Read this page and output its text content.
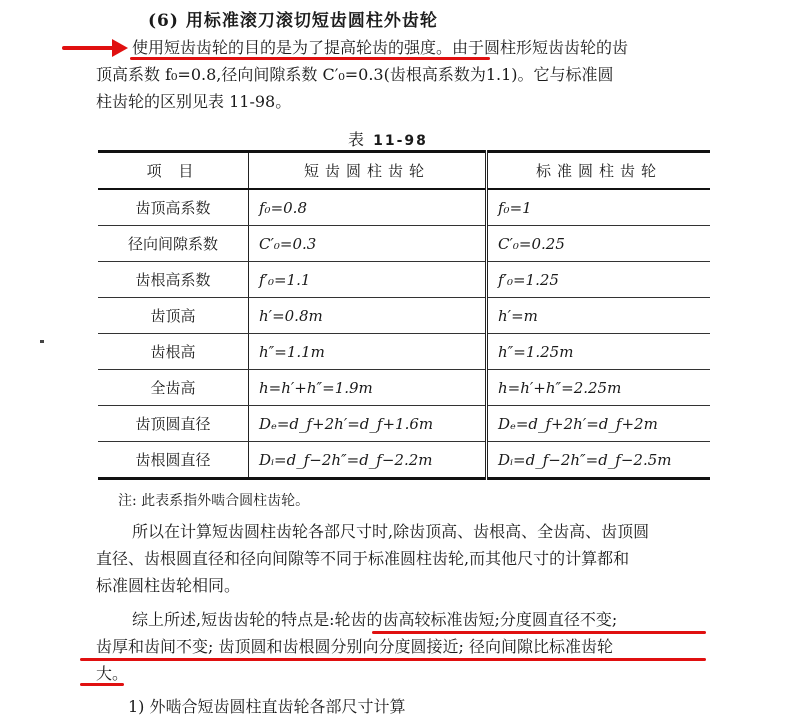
(6) 用标准滚刀滚切短齿圆柱外齿轮
使用短齿齿轮的目的是为了提高轮齿的强度。由于圆柱形短齿齿轮的齿
顶高系数 f₀=0.8,径向间隙系数 C′₀=0.3(齿根高系数为1.1)。它与标准圆
柱齿轮的区别见表 11-98。
表 11-98
项 目	短齿圆柱齿轮	标准圆柱齿轮
齿顶高系数	f₀=0.8	f₀=1
径向间隙系数	C′₀=0.3	C′₀=0.25
齿根高系数	f′₀=1.1	f′₀=1.25
齿顶高	h′=0.8m	h′=m
齿根高	h″=1.1m	h″=1.25m
全齿高	h=h′+h″=1.9m	h=h′+h″=2.25m
齿顶圆直径	Dₑ=d_f+2h′=d_f+1.6m	Dₑ=d_f+2h′=d_f+2m
齿根圆直径	Dᵢ=d_f−2h″=d_f−2.2m	Dᵢ=d_f−2h″=d_f−2.5m
注: 此表系指外啮合圆柱齿轮。
所以在计算短齿圆柱齿轮各部尺寸时,除齿顶高、齿根高、全齿高、齿顶圆
直径、齿根圆直径和径向间隙等不同于标准圆柱齿轮,而其他尺寸的计算都和
标准圆柱齿轮相同。
综上所述,短齿齿轮的特点是:轮齿的齿高较标准齿短;分度圆直径不变;
齿厚和齿间不变; 齿顶圆和齿根圆分别向分度圆接近; 径向间隙比标准齿轮
大。
1) 外啮合短齿圆柱直齿轮各部尺寸计算
